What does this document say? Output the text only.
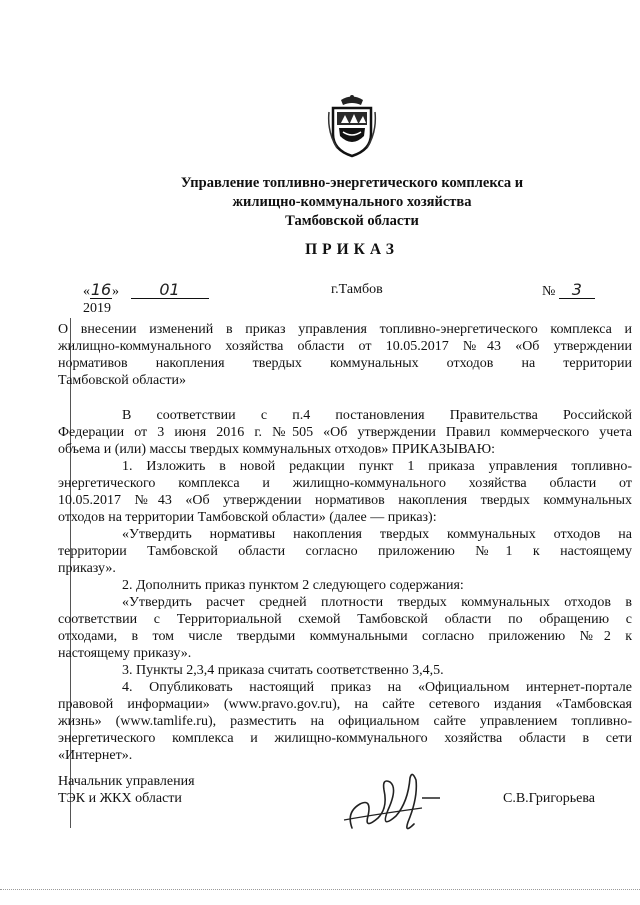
Управление топливно-энергетического комплекса и
жилищно-коммунального хозяйства
Тамбовской области
ПРИКАЗ
«16»	01 2019
г.Тамбов	№ 3
О внесении изменений в приказ управления топливно-энергетического комплекса и
жилищно-коммунального хозяйства области от 10.05.2017 №43 «Об утверждении
нормативов накопления твердых коммунальных отходов на территории
Тамбовской области»
В соответствии с п.4 постановления Правительства Российской
Федерации от 3 июня 2016 г. №505 «Об утверждении Правил коммерческого учета
объема и (или) массы твердых коммунальных отходов» ПРИКАЗЫВАЮ:
1. Изложить в новой редакции пункт 1 приказа управления топливно-
энергетического комплекса и жилищно-коммунального хозяйства области от
10.05.2017 №43 «Об утверждении нормативов накопления твердых коммунальных
отходов на территории Тамбовской области» (далее — приказ):
«Утвердить нормативы накопления твердых коммунальных отходов на
территории Тамбовской области согласно приложению №1 к настоящему
приказу».
2. Дополнить приказ пунктом 2 следующего содержания:
«Утвердить расчет средней плотности твердых коммунальных отходов в
соответствии с Территориальной схемой Тамбовской области по обращению с
отходами, в том числе твердыми коммунальными согласно приложению №2 к
настоящему приказу».
3. Пункты 2,3,4 приказа считать соответственно 3,4,5.
4. Опубликовать настоящий приказ на «Официальном интернет-портале
правовой информации» (www.pravo.gov.ru), на сайте сетевого издания «Тамбовская
жизнь» (www.tamlife.ru), разместить на официальном сайте управлением топливно-
энергетического комплекса и жилищно-коммунального хозяйства области в сети
«Интернет».
Начальник управления
ТЭК и ЖКХ области	С.В.Григорьева
